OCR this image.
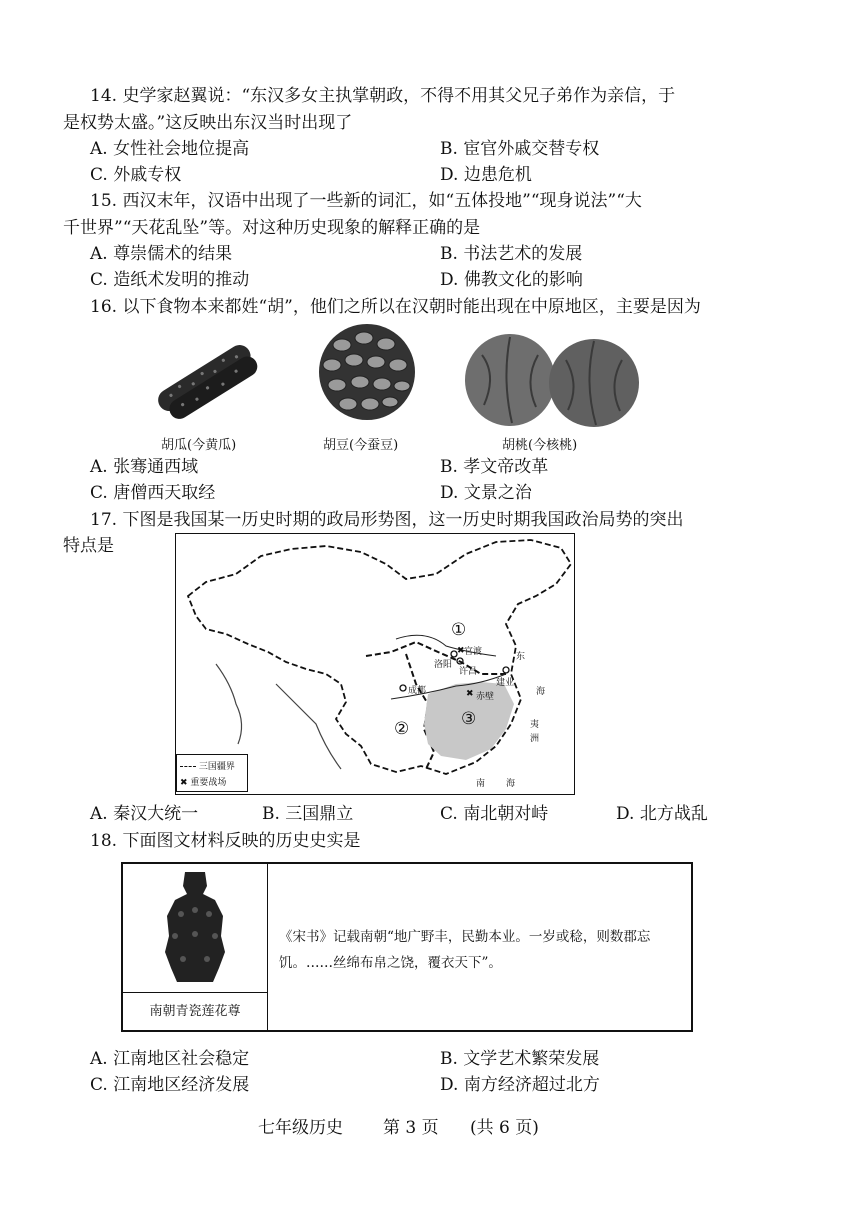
14. 史学家赵翼说：“东汉多女主执掌朝政，不得不用其父兄子弟作为亲信，于
是权势太盛。”这反映出东汉当时出现了
A. 女性社会地位提高	B. 宦官外戚交替专权
C. 外戚专权	D. 边患危机
15. 西汉末年，汉语中出现了一些新的词汇，如“五体投地”“现身说法”“大
千世界”“天花乱坠”等。对这种历史现象的解释正确的是
A. 尊崇儒术的结果	B. 书法艺术的发展
C. 造纸术发明的推动	D. 佛教文化的影响
16. 以下食物本来都姓“胡”，他们之所以在汉朝时能出现在中原地区，主要是因为
胡瓜(今黄瓜)	胡豆(今蚕豆)	胡桃(今核桃)
A. 张骞通西域	B. 孝文帝改革
C. 唐僧西天取经	D. 文景之治
17. 下图是我国某一历史时期的政局形势图，这一历史时期我国政治局势的突出
特点是
✖
✖
①
②	③
官渡
洛阳
许昌
成都
赤壁
建业
东
海
夷
洲
南 海
三国疆界
✖ 重要战场
A. 秦汉大统一	B. 三国鼎立	C. 南北朝对峙	D. 北方战乱
18. 下面图文材料反映的历史史实是
南朝青瓷莲花尊
《宋书》记载南朝“地广野丰，民勤本业。一岁或稔，则数郡忘饥。……丝绵布帛之饶，覆衣天下”。
A. 江南地区社会稳定	B. 文学艺术繁荣发展
C. 江南地区经济发展	D. 南方经济超过北方
七年级历史 第 3 页 (共 6 页)
